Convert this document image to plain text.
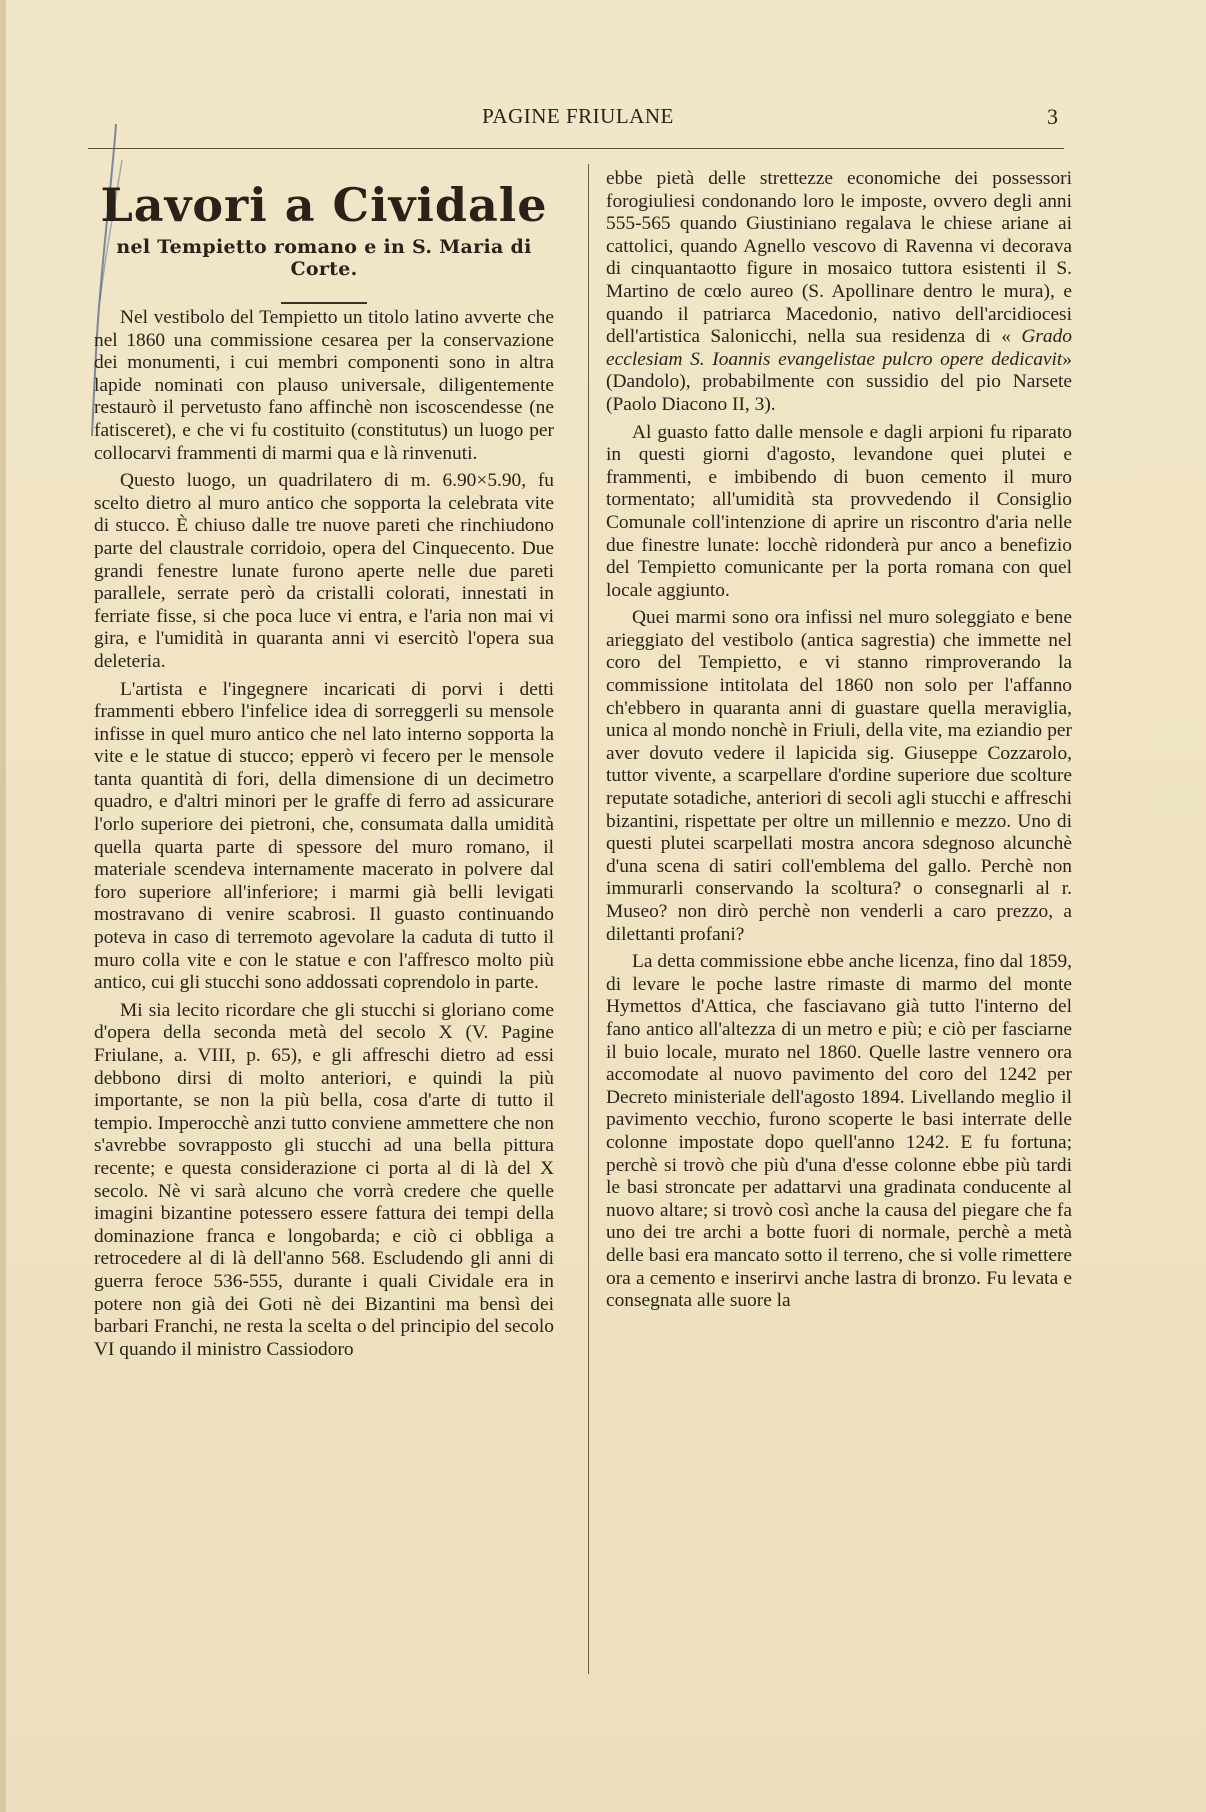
PAGINE FRIULANE	3
Lavori a Cividale
nel Tempietto romano e in S. Maria di Corte.

Nel vestibolo del Tempietto un titolo latino avverte che nel 1860 una commissione cesarea per la conservazione dei monumenti, i cui membri componenti sono in altra lapide nominati con plauso universale, diligentemente restaurò il pervetusto fano affinchè non iscoscendesse (ne fatisceret), e che vi fu costituito (constitutus) un luogo per collocarvi frammenti di marmi qua e là rinvenuti.

Questo luogo, un quadrilatero di m. 6.90×5.90, fu scelto dietro al muro antico che sopporta la celebrata vite di stucco. È chiuso dalle tre nuove pareti che rinchiudono parte del claustrale corridoio, opera del Cinquecento. Due grandi fenestre lunate furono aperte nelle due pareti parallele, serrate però da cristalli colorati, innestati in ferriate fisse, si che poca luce vi entra, e l'aria non mai vi gira, e l'umidità in quaranta anni vi esercitò l'opera sua deleteria.

L'artista e l'ingegnere incaricati di porvi i detti frammenti ebbero l'infelice idea di sorreggerli su mensole infisse in quel muro antico che nel lato interno sopporta la vite e le statue di stucco; epperò vi fecero per le mensole tanta quantità di fori, della dimensione di un decimetro quadro, e d'altri minori per le graffe di ferro ad assicurare l'orlo superiore dei pietroni, che, consumata dalla umidità quella quarta parte di spessore del muro romano, il materiale scendeva internamente macerato in polvere dal foro superiore all'inferiore; i marmi già belli levigati mostravano di venire scabrosi. Il guasto continuando poteva in caso di terremoto agevolare la caduta di tutto il muro colla vite e con le statue e con l'affresco molto più antico, cui gli stucchi sono addossati coprendolo in parte.

Mi sia lecito ricordare che gli stucchi si gloriano come d'opera della seconda metà del secolo X (V. Pagine Friulane, a. VIII, p. 65), e gli affreschi dietro ad essi debbono dirsi di molto anteriori, e quindi la più importante, se non la più bella, cosa d'arte di tutto il tempio. Imperocchè anzi tutto conviene ammettere che non s'avrebbe sovrapposto gli stucchi ad una bella pittura recente; e questa considerazione ci porta al di là del X secolo. Nè vi sarà alcuno che vorrà credere che quelle imagini bizantine potessero essere fattura dei tempi della dominazione franca e longobarda; e ciò ci obbliga a retrocedere al di là dell'anno 568. Escludendo gli anni di guerra feroce 536-555, durante i quali Cividale era in potere non già dei Goti nè dei Bizantini ma bensì dei barbari Franchi, ne resta la scelta o del principio del secolo VI quando il ministro Cassiodoro

ebbe pietà delle strettezze economiche dei possessori forogiuliesi condonando loro le imposte, ovvero degli anni 555-565 quando Giustiniano regalava le chiese ariane ai cattolici, quando Agnello vescovo di Ravenna vi decorava di cinquantaotto figure in mosaico tuttora esistenti il S. Martino de cœlo aureo (S. Apollinare dentro le mura), e quando il patriarca Macedonio, nativo dell'arcidiocesi dell'artistica Salonicchi, nella sua residenza di « Grado ecclesiam S. Ioannis evangelistae pulcro opere dedicavit» (Dandolo), probabilmente con sussidio del pio Narsete (Paolo Diacono II, 3).

Al guasto fatto dalle mensole e dagli arpioni fu riparato in questi giorni d'agosto, levandone quei plutei e frammenti, e imbibendo di buon cemento il muro tormentato; all'umidità sta provvedendo il Consiglio Comunale coll'intenzione di aprire un riscontro d'aria nelle due finestre lunate: locchè ridonderà pur anco a benefizio del Tempietto comunicante per la porta romana con quel locale aggiunto.

Quei marmi sono ora infissi nel muro soleggiato e bene arieggiato del vestibolo (antica sagrestia) che immette nel coro del Tempietto, e vi stanno rimproverando la commissione intitolata del 1860 non solo per l'affanno ch'ebbero in quaranta anni di guastare quella meraviglia, unica al mondo nonchè in Friuli, della vite, ma eziandio per aver dovuto vedere il lapicida sig. Giuseppe Cozzarolo, tuttor vivente, a scarpellare d'ordine superiore due scolture reputate sotadiche, anteriori di secoli agli stucchi e affreschi bizantini, rispettate per oltre un millennio e mezzo. Uno di questi plutei scarpellati mostra ancora sdegnoso alcunchè d'una scena di satiri coll'emblema del gallo. Perchè non immurarli conservando la scoltura? o consegnarli al r. Museo? non dirò perchè non venderli a caro prezzo, a dilettanti profani?

La detta commissione ebbe anche licenza, fino dal 1859, di levare le poche lastre rimaste di marmo del monte Hymettos d'Attica, che fasciavano già tutto l'interno del fano antico all'altezza di un metro e più; e ciò per fasciarne il buio locale, murato nel 1860. Quelle lastre vennero ora accomodate al nuovo pavimento del coro del 1242 per Decreto ministeriale dell'agosto 1894. Livellando meglio il pavimento vecchio, furono scoperte le basi interrate delle colonne impostate dopo quell'anno 1242. E fu fortuna; perchè si trovò che più d'una d'esse colonne ebbe più tardi le basi stroncate per adattarvi una gradinata conducente al nuovo altare; si trovò così anche la causa del piegare che fa uno dei tre archi a botte fuori di normale, perchè a metà delle basi era mancato sotto il terreno, che si volle rimettere ora a cemento e inserirvi anche lastra di bronzo. Fu levata e consegnata alle suore la
